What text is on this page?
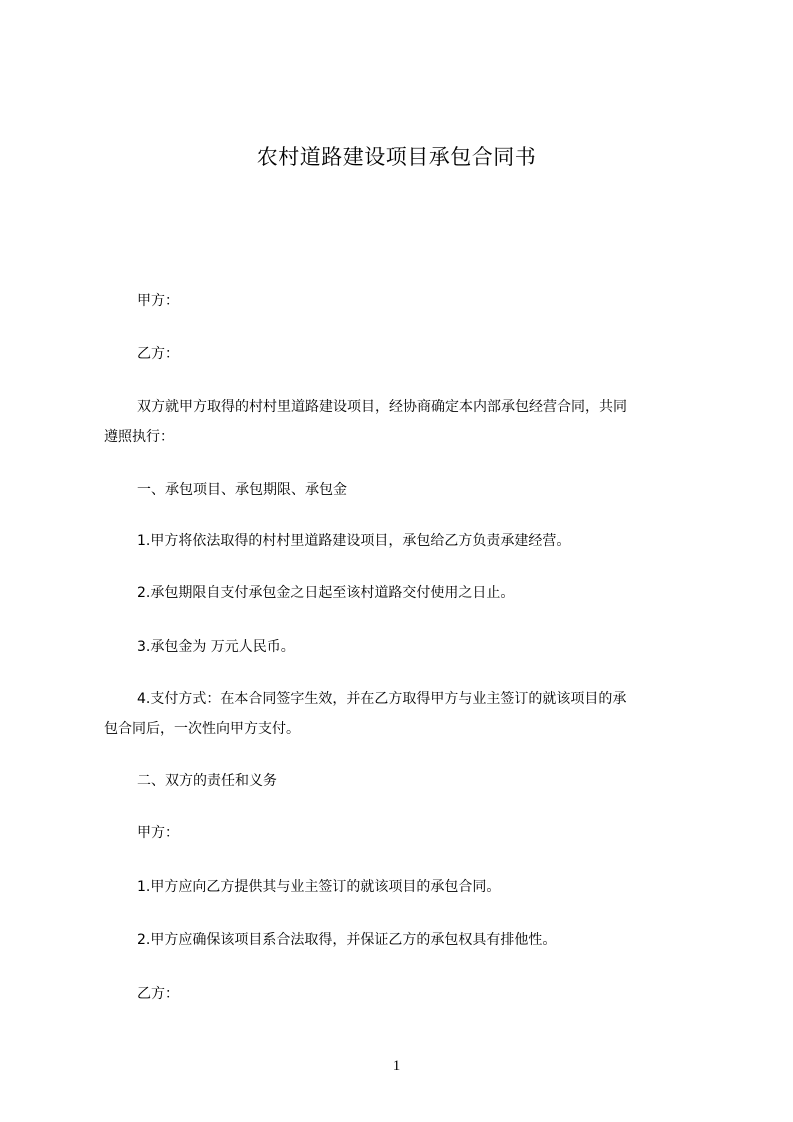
农村道路建设项目承包合同书
甲方：
乙方：
双方就甲方取得的村村里道路建设项目，经协商确定本内部承包经营合同，共同
遵照执行：
一、承包项目、承包期限、承包金
1.甲方将依法取得的村村里道路建设项目，承包给乙方负责承建经营。
2.承包期限自支付承包金之日起至该村道路交付使用之日止。
3.承包金为 万元人民币。
4.支付方式：在本合同签字生效，并在乙方取得甲方与业主签订的就该项目的承
包合同后，一次性向甲方支付。
二、双方的责任和义务
甲方：
1.甲方应向乙方提供其与业主签订的就该项目的承包合同。
2.甲方应确保该项目系合法取得，并保证乙方的承包权具有排他性。
乙方：
1
